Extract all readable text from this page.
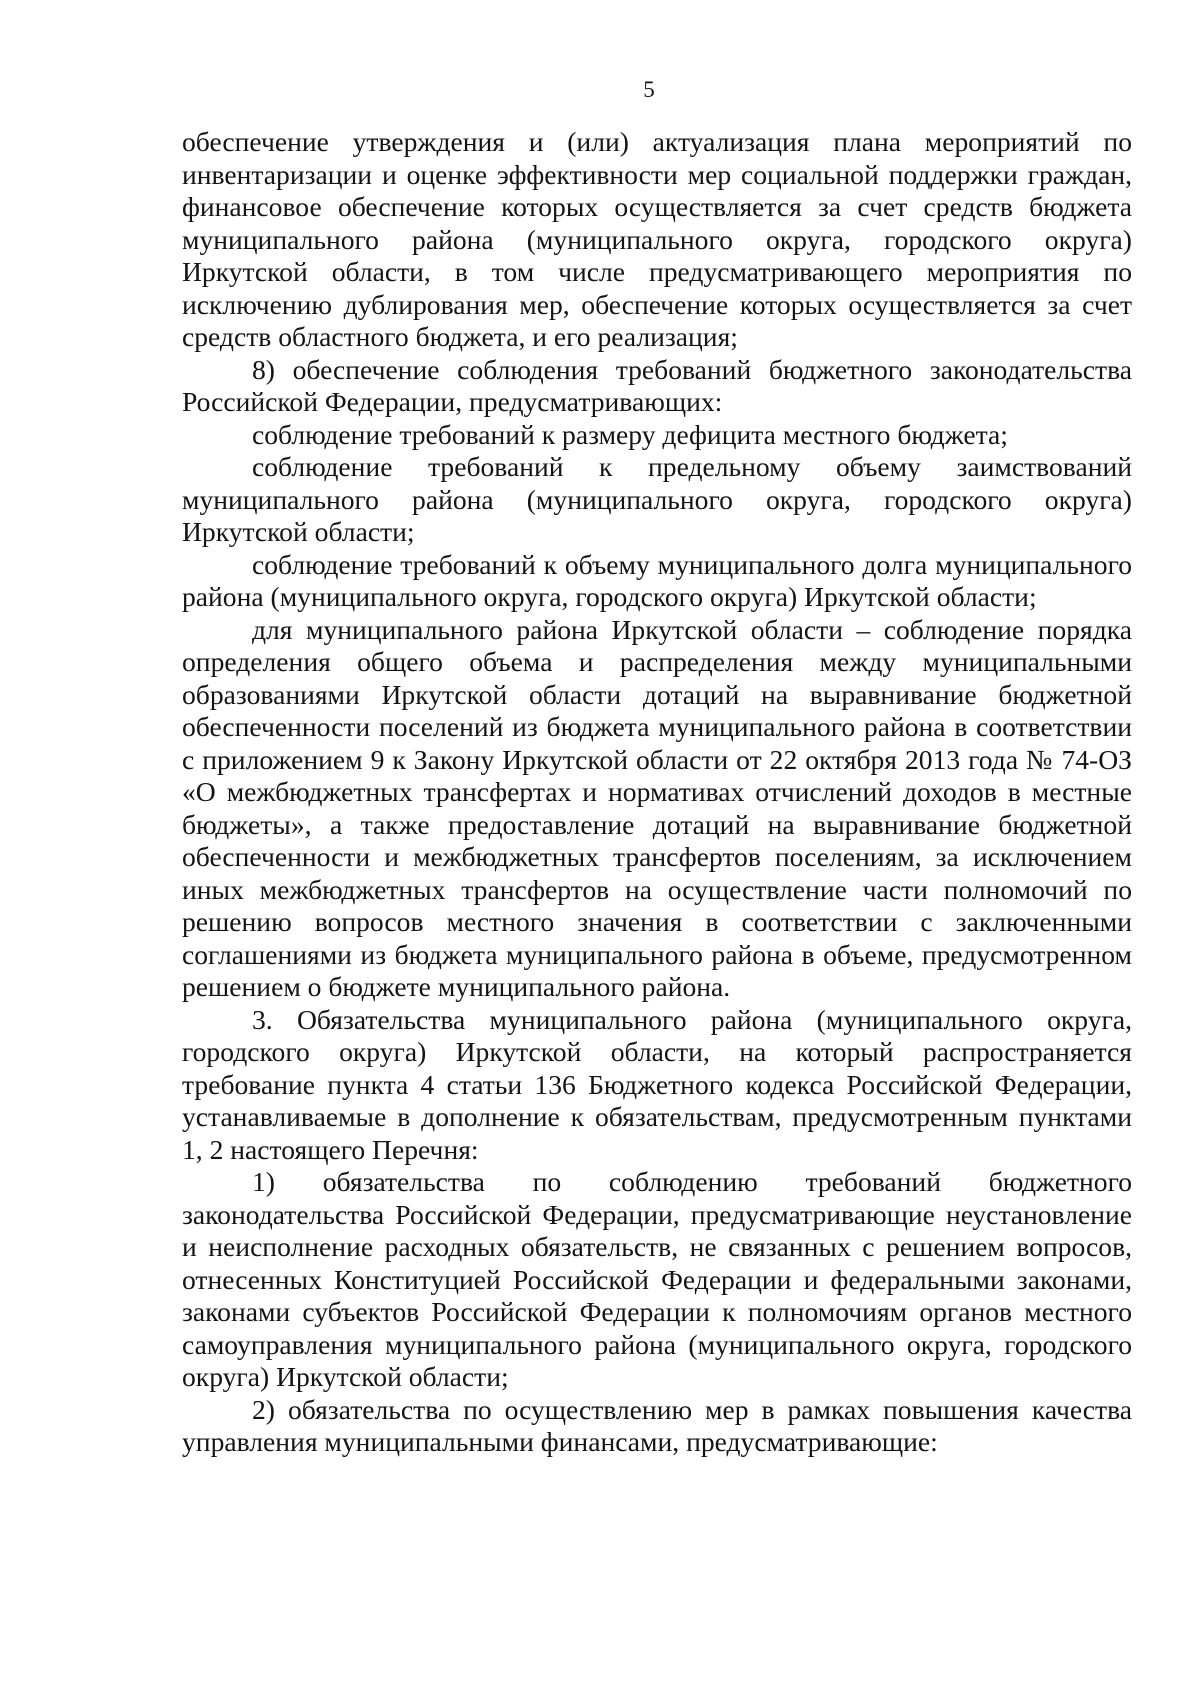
5

обеспечение утверждения и (или) актуализация плана мероприятий по инвентаризации и оценке эффективности мер социальной поддержки граждан, финансовое обеспечение которых осуществляется за счет средств бюджета муниципального района (муниципального округа, городского округа) Иркутской области, в том числе предусматривающего мероприятия по исключению дублирования мер, обеспечение которых осуществляется за счет средств областного бюджета, и его реализация;

8) обеспечение соблюдения требований бюджетного законодательства Российской Федерации, предусматривающих:

соблюдение требований к размеру дефицита местного бюджета;

соблюдение требований к предельному объему заимствований муниципального района (муниципального округа, городского округа) Иркутской области;

соблюдение требований к объему муниципального долга муниципального района (муниципального округа, городского округа) Иркутской области;

для муниципального района Иркутской области – соблюдение порядка определения общего объема и распределения между муниципальными образованиями Иркутской области дотаций на выравнивание бюджетной обеспеченности поселений из бюджета муниципального района в соответствии с приложением 9 к Закону Иркутской области от 22 октября 2013 года № 74-ОЗ «О межбюджетных трансфертах и нормативах отчислений доходов в местные бюджеты», а также предоставление дотаций на выравнивание бюджетной обеспеченности и межбюджетных трансфертов поселениям, за исключением иных межбюджетных трансфертов на осуществление части полномочий по решению вопросов местного значения в соответствии с заключенными соглашениями из бюджета муниципального района в объеме, предусмотренном решением о бюджете муниципального района.

3. Обязательства муниципального района (муниципального округа, городского округа) Иркутской области, на который распространяется требование пункта 4 статьи 136 Бюджетного кодекса Российской Федерации, устанавливаемые в дополнение к обязательствам, предусмотренным пунктами 1, 2 настоящего Перечня:

1) обязательства по соблюдению требований бюджетного законодательства Российской Федерации, предусматривающие неустановление и неисполнение расходных обязательств, не связанных с решением вопросов, отнесенных Конституцией Российской Федерации и федеральными законами, законами субъектов Российской Федерации к полномочиям органов местного самоуправления муниципального района (муниципального округа, городского округа) Иркутской области;

2) обязательства по осуществлению мер в рамках повышения качества управления муниципальными финансами, предусматривающие:
